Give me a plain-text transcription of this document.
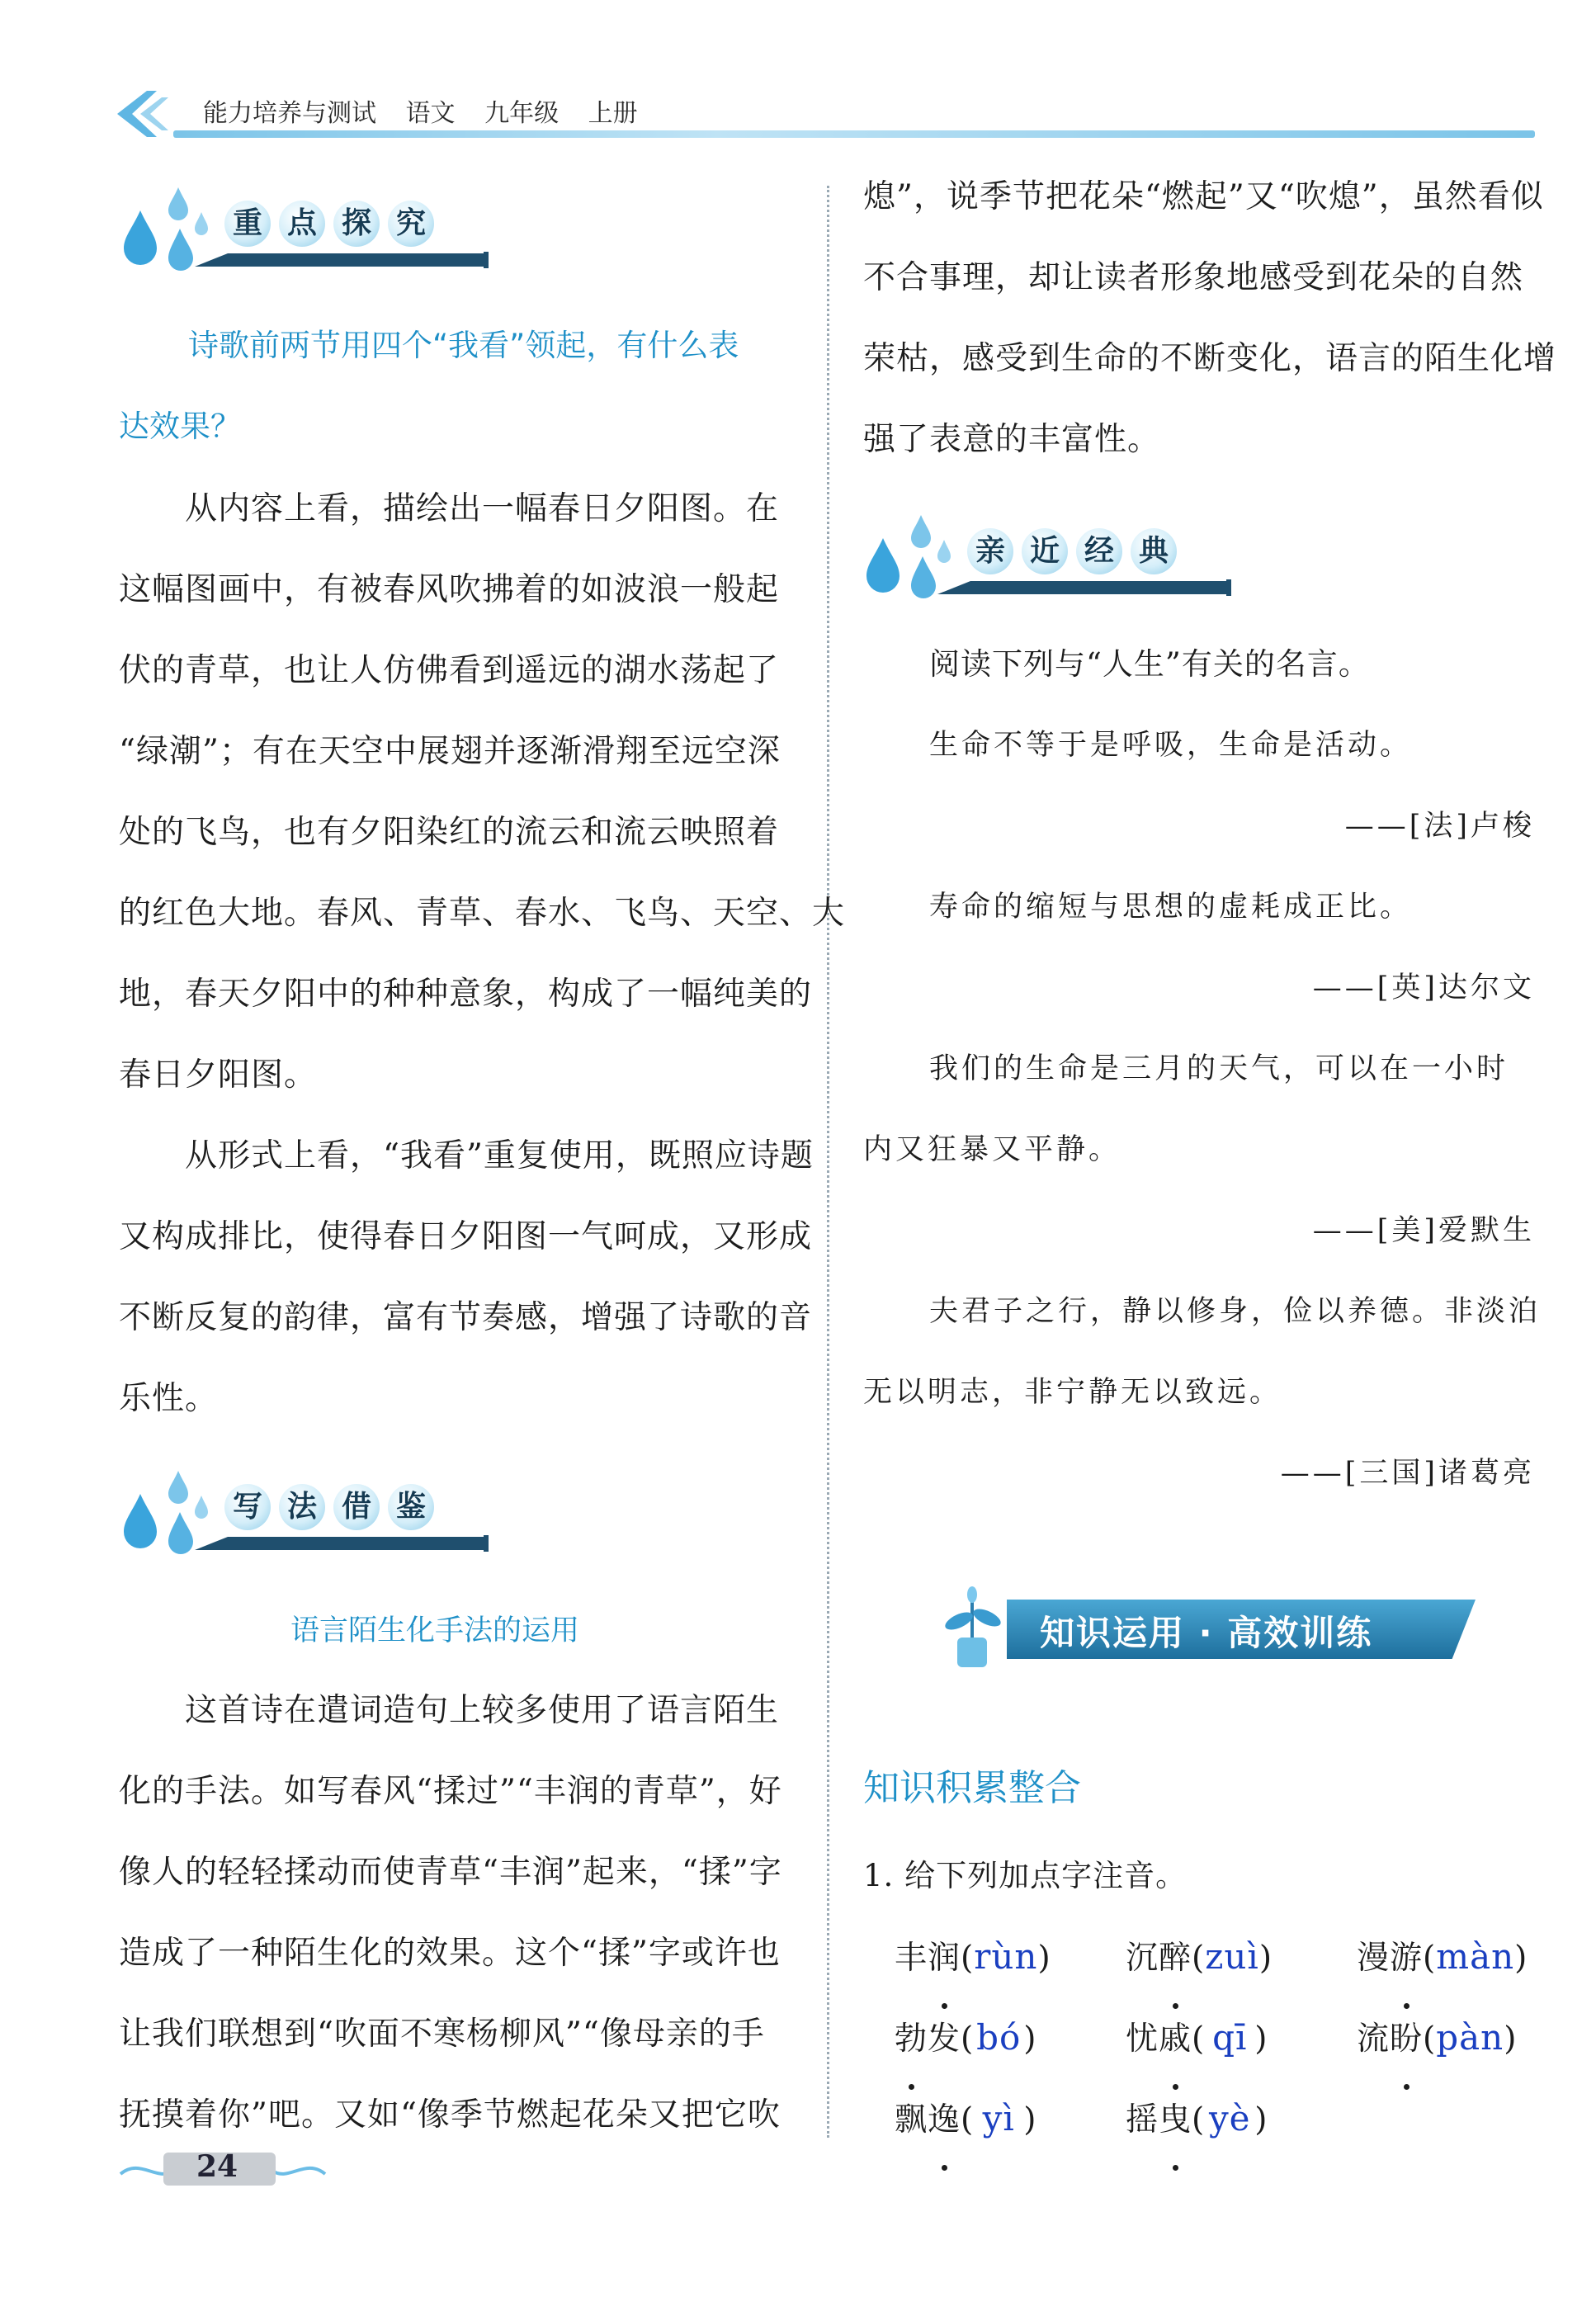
能力培养与测试 语文 九年级 上册
重 点 探 究
诗歌前两节用四个“我看”领起，有什么表
达效果？
从内容上看，描绘出一幅春日夕阳图。在
这幅图画中，有被春风吹拂着的如波浪一般起
伏的青草，也让人仿佛看到遥远的湖水荡起了
“绿潮”；有在天空中展翅并逐渐滑翔至远空深
处的飞鸟，也有夕阳染红的流云和流云映照着
的红色大地。春风、青草、春水、飞鸟、天空、大
地，春天夕阳中的种种意象，构成了一幅纯美的
春日夕阳图。
从形式上看，“我看”重复使用，既照应诗题
又构成排比，使得春日夕阳图一气呵成，又形成
不断反复的韵律，富有节奏感，增强了诗歌的音
乐性。
写 法 借 鉴
语言陌生化手法的运用
这首诗在遣词造句上较多使用了语言陌生
化的手法。如写春风“揉过”“丰润的青草”，好
像人的轻轻揉动而使青草“丰润”起来，“揉”字
造成了一种陌生化的效果。这个“揉”字或许也
让我们联想到“吹面不寒杨柳风”“像母亲的手
抚摸着你”吧。又如“像季节燃起花朵又把它吹
24
熄”，说季节把花朵“燃起”又“吹熄”，虽然看似
不合事理，却让读者形象地感受到花朵的自然
荣枯，感受到生命的不断变化，语言的陌生化增
强了表意的丰富性。
亲 近 经 典
阅读下列与“人生”有关的名言。
生命不等于是呼吸，生命是活动。
——[法]卢梭
寿命的缩短与思想的虚耗成正比。
——[英]达尔文
我们的生命是三月的天气，可以在一小时
内又狂暴又平静。
——[美]爱默生
夫君子之行，静以修身，俭以养德。非淡泊
无以明志，非宁静无以致远。
——[三国]诸葛亮
知识运用 · 高效训练
知识积累整合
1. 给下列加点字注音。
丰润(rùn) 沉醉(zuì)	漫游(màn)
勃发(bó)	忧戚( qī )	流盼(pàn)
飘逸( yì )	摇曳( yè )
